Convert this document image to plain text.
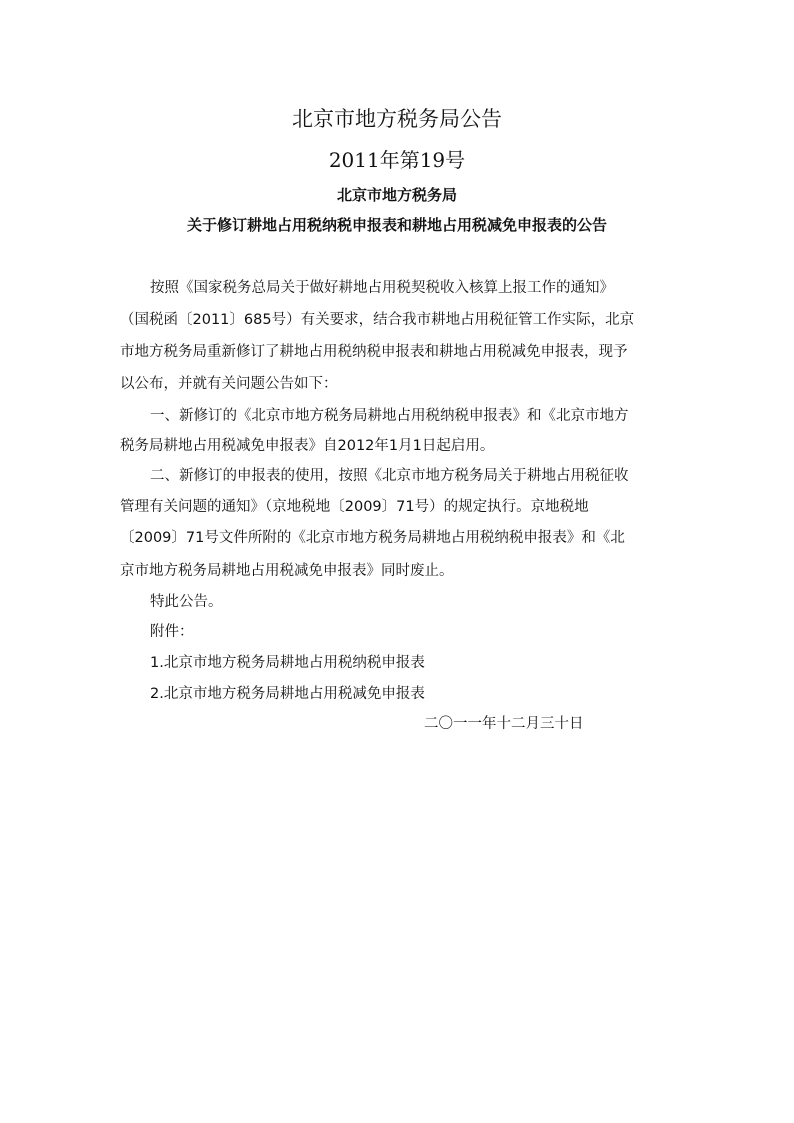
北京市地方税务局公告
2011年第19号
北京市地方税务局
关于修订耕地占用税纳税申报表和耕地占用税减免申报表的公告
按照《国家税务总局关于做好耕地占用税契税收入核算上报工作的通知》
（国税函〔2011〕685号）有关要求，结合我市耕地占用税征管工作实际，北京
市地方税务局重新修订了耕地占用税纳税申报表和耕地占用税减免申报表，现予
以公布，并就有关问题公告如下：
一、新修订的《北京市地方税务局耕地占用税纳税申报表》和《北京市地方
税务局耕地占用税减免申报表》自2012年1月1日起启用。
二、新修订的申报表的使用，按照《北京市地方税务局关于耕地占用税征收
管理有关问题的通知》（京地税地〔2009〕71号）的规定执行。京地税地
〔2009〕71号文件所附的《北京市地方税务局耕地占用税纳税申报表》和《北
京市地方税务局耕地占用税减免申报表》同时废止。
特此公告。
附件：
1.北京市地方税务局耕地占用税纳税申报表
2.北京市地方税务局耕地占用税减免申报表
二〇一一年十二月三十日
